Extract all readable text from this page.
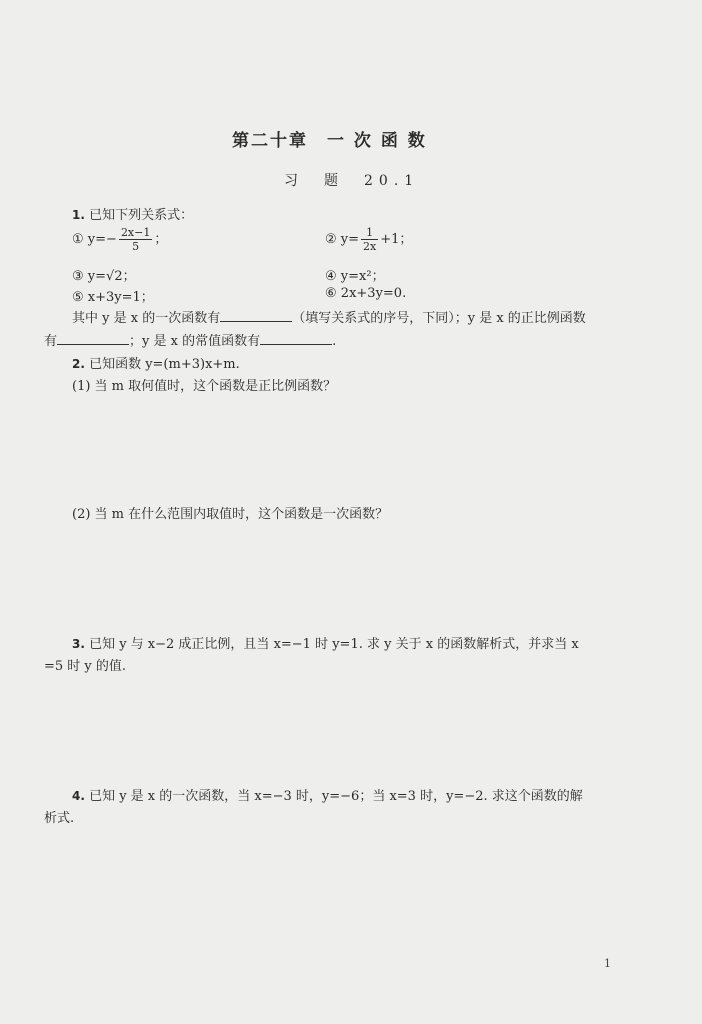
第二十章　一 次 函 数
习　题　20.1
1. 已知下列关系式：
① $y=- \frac{2x-1}{5}$ ；	② $y= \frac{1}{2x} +1$；
③ y=√2；	④ y=x²；
⑤ x+3y=1；	⑥ 2x+3y=0.
其中 y 是 x 的一次函数有	（填写关系式的序号，下同）；y 是 x 的正比例函数
有	；y 是 x 的常值函数有	.
2. 已知函数 y=(m+3)x+m.
(1) 当 m 取何值时，这个函数是正比例函数？
(2) 当 m 在什么范围内取值时，这个函数是一次函数？
3. 已知 y 与 x−2 成正比例，且当 x=−1 时 y=1. 求 y 关于 x 的函数解析式，并求当 x
=5 时 y 的值.
4. 已知 y 是 x 的一次函数，当 x=−3 时，y=−6；当 x=3 时，y=−2. 求这个函数的解
析式.
1
